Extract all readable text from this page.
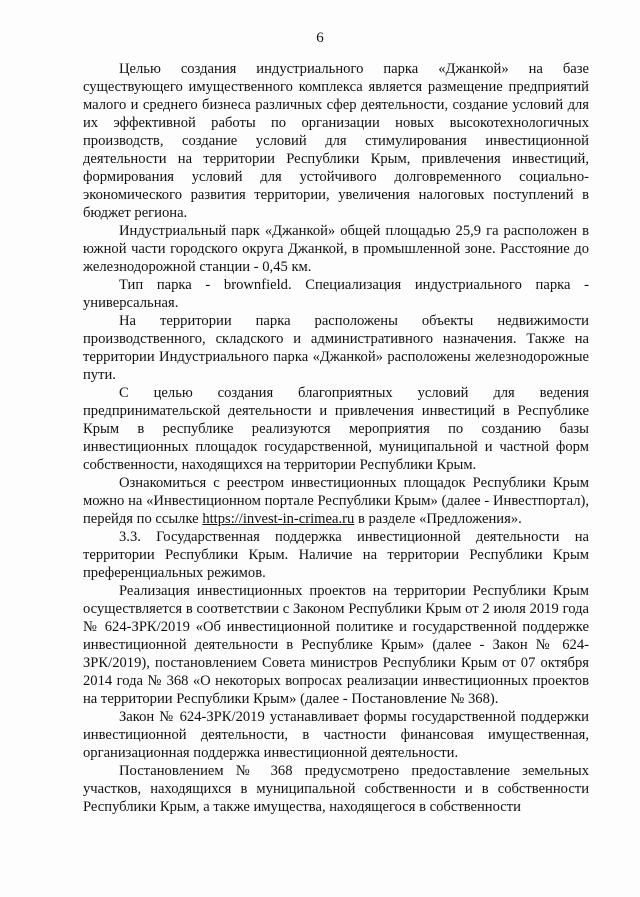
6

Целью создания индустриального парка «Джанкой» на базе существующего имущественного комплекса является размещение предприятий малого и среднего бизнеса различных сфер деятельности, создание условий для их эффективной работы по организации новых высокотехнологичных производств, создание условий для стимулирования инвестиционной деятельности на территории Республики Крым, привлечения инвестиций, формирования условий для устойчивого долговременного социально-экономического развития территории, увеличения налоговых поступлений в бюджет региона.

Индустриальный парк «Джанкой» общей площадью 25,9 га расположен в южной части городского округа Джанкой, в промышленной зоне. Расстояние до железнодорожной станции - 0,45 км.

Тип парка - brownfield. Специализация индустриального парка - универсальная.

На территории парка расположены объекты недвижимости производственного, складского и административного назначения. Также на территории Индустриального парка «Джанкой» расположены железнодорожные пути.

С целью создания благоприятных условий для ведения предпринимательской деятельности и привлечения инвестиций в Республике Крым в республике реализуются мероприятия по созданию базы инвестиционных площадок государственной, муниципальной и частной форм собственности, находящихся на территории Республики Крым.

Ознакомиться с реестром инвестиционных площадок Республики Крым можно на «Инвестиционном портале Республики Крым» (далее - Инвестпортал), перейдя по ссылке https://invest-in-crimea.ru в разделе «Предложения».

3.3. Государственная поддержка инвестиционной деятельности на территории Республики Крым. Наличие на территории Республики Крым преференциальных режимов.

Реализация инвестиционных проектов на территории Республики Крым осуществляется в соответствии с Законом Республики Крым от 2 июля 2019 года № 624-ЗРК/2019 «Об инвестиционной политике и государственной поддержке инвестиционной деятельности в Республике Крым» (далее - Закон № 624-ЗРК/2019), постановлением Совета министров Республики Крым от 07 октября 2014 года № 368 «О некоторых вопросах реализации инвестиционных проектов на территории Республики Крым» (далее - Постановление № 368).

Закон № 624-ЗРК/2019 устанавливает формы государственной поддержки инвестиционной деятельности, в частности финансовая имущественная, организационная поддержка инвестиционной деятельности.

Постановлением № 368 предусмотрено предоставление земельных участков, находящихся в муниципальной собственности и в собственности Республики Крым, а также имущества, находящегося в собственности
